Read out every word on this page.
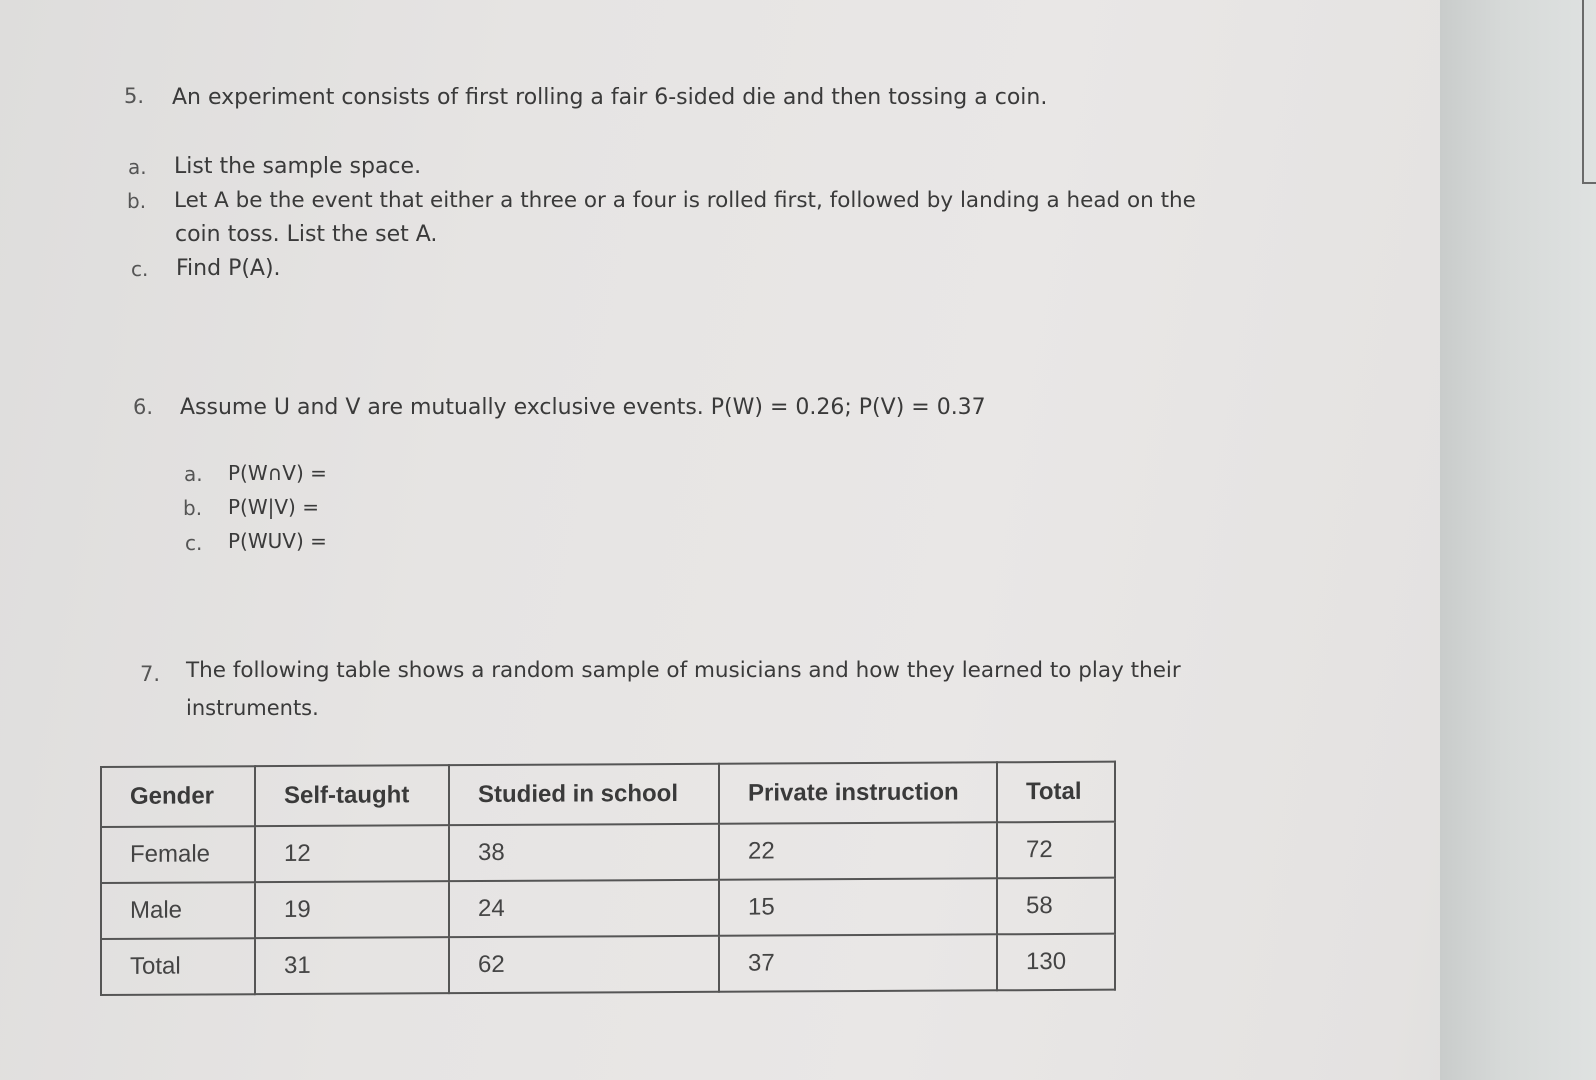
5. An experiment consists of first rolling a fair 6-sided die and then tossing a coin.
a. List the sample space.
b. Let A be the event that either a three or a four is rolled first, followed by landing a head on the
coin toss. List the set A.
c. Find P(A).
6. Assume U and V are mutually exclusive events. P(W) = 0.26; P(V) = 0.37
a. P(W∩V) =
b. P(W|V) =
c. P(WUV) =
7. The following table shows a random sample of musicians and how they learned to play their
instruments.
Gender	Self-taught	Studied in school	Private instruction	Total
Female	12	38	22	72
Male	19	24	15	58
Total	31	62	37	130
